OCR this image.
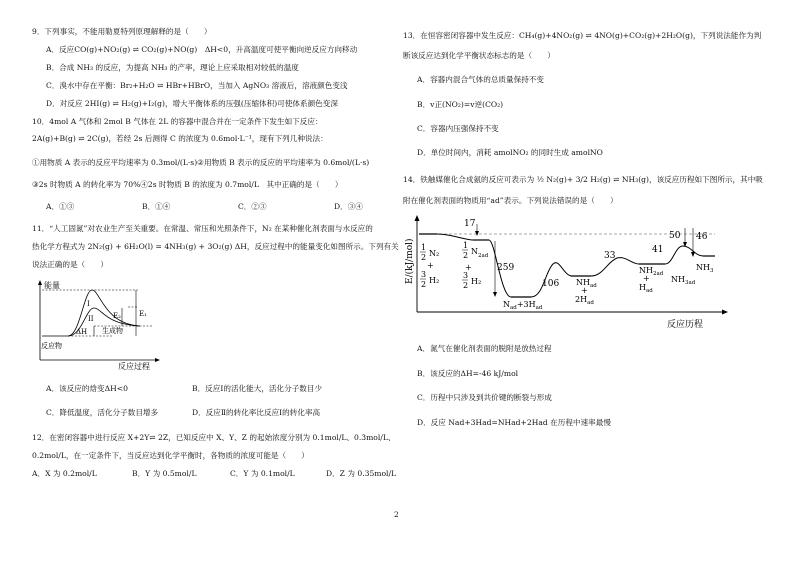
9．下列事实，不能用勒夏特列原理解释的是（　　）
A．反应CO(g)+NO₂(g) ⇌ CO₂(g)+NO(g)　ΔH<0，升高温度可使平衡向逆反应方向移动
B．合成 NH₃ 的反应，为提高 NH₃ 的产率，理论上应采取相对较低的温度
C．溴水中存在平衡：Br₂+H₂O ⇌ HBr+HBrO，当加入 AgNO₃ 溶液后，溶液颜色变浅
D．对反应 2HI(g) ⇌ H₂(g)+I₂(g)，增大平衡体系的压强(压缩体积)可使体系颜色变深
10．4mol A 气体和 2mol B 气体在 2L 的容器中混合并在一定条件下发生如下反应：
2A(g)+B(g) ⇌ 2C(g)，若经 2s 后测得 C 的浓度为 0.6mol·L⁻¹，现有下列几种说法：
①用物质 A 表示的反应平均速率为 0.3mol/(L·s)②用物质 B 表示的反应的平均速率为 0.6mol/(L·s)
③2s 时物质 A 的转化率为 70%④2s 时物质 B 的浓度为 0.7mol/L　其中正确的是（　　）
A．①③	B．①④	C．②③	D．③④
11．“人工固氮”对农业生产至关重要。在常温、常压和光照条件下，N₂ 在某种催化剂表面与水反应的
热化学方程式为 2N₂(g) + 6H₂O(l) = 4NH₃(g) + 3O₂(g) ΔH，反应过程中的能量变化如图所示。下列有关
说法正确的是（　　）
能量
I
II	E₂	E₁
生成物
ΔH
反应物
反应过程
A．该反应的焓变ΔH<0	B．反应Ⅰ的活化能大，活化分子数目少
C．降低温度，活化分子数目增多	D．反应Ⅱ的转化率比反应Ⅰ的转化率高
12．在密闭容器中进行反应 X+2Y⇌ 2Z，已知反应中 X、Y、Z 的起始浓度分别为 0.1mol/L、0.3mol/L、
0.2mol/L，在一定条件下，当反应达到化学平衡时，各物质的浓度可能是（　　）
A．X 为 0.2mol/L	B．Y 为 0.5mol/L	C．Y 为 0.1mol/L	D．Z 为 0.35mol/L
13．在恒容密闭容器中发生反应：CH₄(g)+4NO₂(g) ⇌ 4NO(g)+CO₂(g)+2H₂O(g)，下列说法能作为判
断该反应达到化学平衡状态标志的是（　　）
A．容器内混合气体的总质量保持不变
B．v正(NO₂)=v逆(CO₂)
C．容器内压强保持不变
D．单位时间内，消耗 amolNO₂ 的同时生成 amolNO
14．铁触媒催化合成氨的反应可表示为 ½ N₂(g)+ 3/2 H₂(g) ⇌ NH₃(g)，该反应历程如下图所示，其中吸
附在催化剂表面的物质用“ad”表示。下列说法错误的是（　　）
E/(kJ/mol)
反应历程
1
2 N₂
+
3
2 H₂
1
2 N 2ad
+
3
2 H₂
17
259
$N_{ad}+3H_{ad}$
106 $NH_{ad}$
+
$2H_{ad}$
33
$NH_{2ad}$
+
$H_{ad}$
41
50 46
$NH_{3ad}$
$NH_3$
A．氮气在催化剂表面的脱附是放热过程
B．该反应的ΔH=-46 kJ/mol
C．历程中只涉及到共价键的断裂与形成
D．反应 Nad+3Had=NHad+2Had 在历程中速率最慢
2
